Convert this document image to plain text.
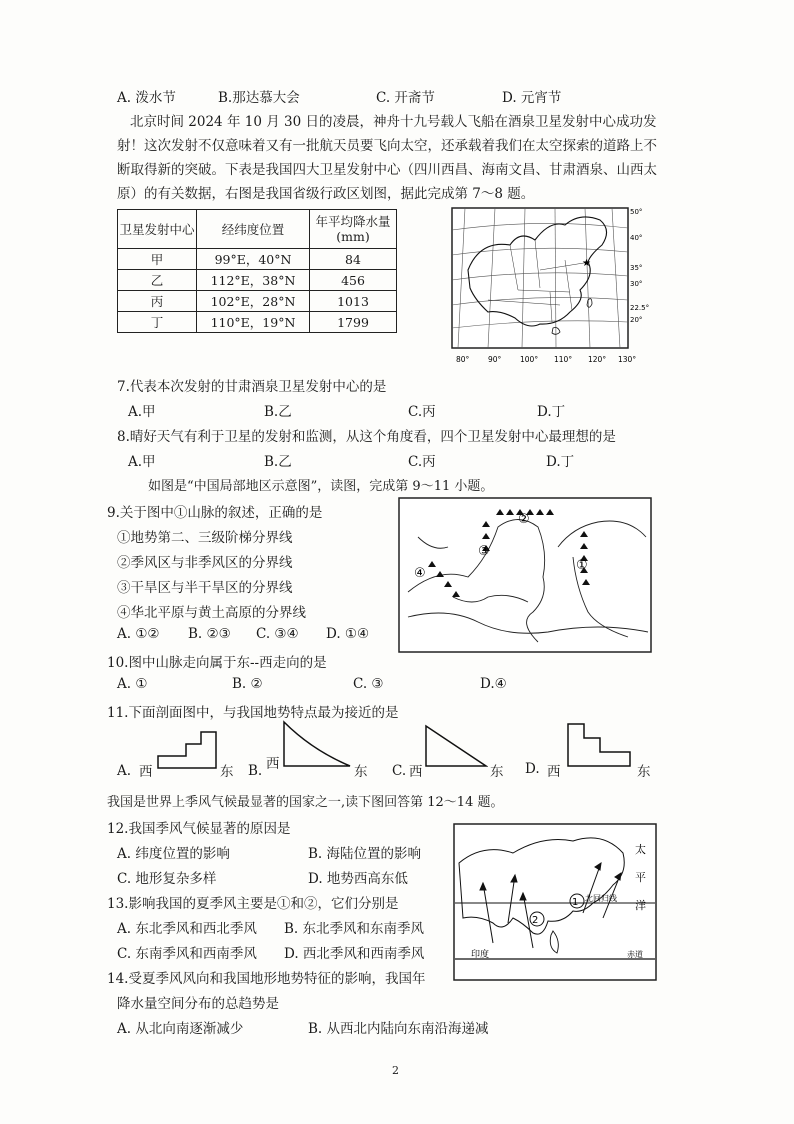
A. 泼水节	B.那达慕大会	C. 开斋节	D. 元宵节
北京时间 2024 年 10 月 30 日的凌晨，神舟十九号载人飞船在酒泉卫星发射中心成功发
射！这次发射不仅意味着又有一批航天员要飞向太空，还承载着我们在太空探索的道路上不
断取得新的突破。下表是我国四大卫星发射中心（四川西昌、海南文昌、甘肃酒泉、山西太
原）的有关数据，右图是我国省级行政区划图，据此完成第 7～8 题。
卫星发射中心	经纬度位置	年平均降水量(mm)
甲	99°E，40°N	84
乙	112°E，38°N	456
丙	102°E，28°N	1013
丁	110°E，19°N	1799
★
50°
40°
35°
30°
22.5°
20°
80° 90° 100° 110° 120° 130°
7.代表本次发射的甘肃酒泉卫星发射中心的是
A.甲	B.乙	C.丙	D.丁
8.晴好天气有利于卫星的发射和监测，从这个角度看，四个卫星发射中心最理想的是
A.甲	B.乙	C.丙	D.丁
如图是“中国局部地区示意图”，读图，完成第 9～11 小题。
9.关于图中①山脉的叙述，正确的是
①地势第二、三级阶梯分界线
②季风区与非季风区的分界线
③干旱区与半干旱区的分界线
④华北平原与黄土高原的分界线
A. ①② B. ②③ C. ③④ D. ①④
②
③
④
①
10.图中山脉走向属于东--西走向的是
A. ①	B. ②	C. ③	D.④
11.下面剖面图中，与我国地势特点最为接近的是
A. 西	东 B. 西	东 C. 西	东 D. 西	东
我国是世界上季风气候最显著的国家之一,读下图回答第 12～14 题。
12.我国季风气候显著的原因是
A. 纬度位置的影响	B. 海陆位置的影响
C. 地形复杂多样	D. 地势西高东低
13.影响我国的夏季风主要是①和②，它们分别是
A. 东北季风和西北季风 B. 东北季风和东南季风
C. 东南季风和西南季风 D. 西北季风和西南季风
14.受夏季风风向和我国地形地势特征的影响，我国年
降水量空间分布的总趋势是
A. 从北向南逐渐减少	B. 从西北内陆向东南沿海递减
1
2
太
平
洋
北回归线
印度	赤道
2
